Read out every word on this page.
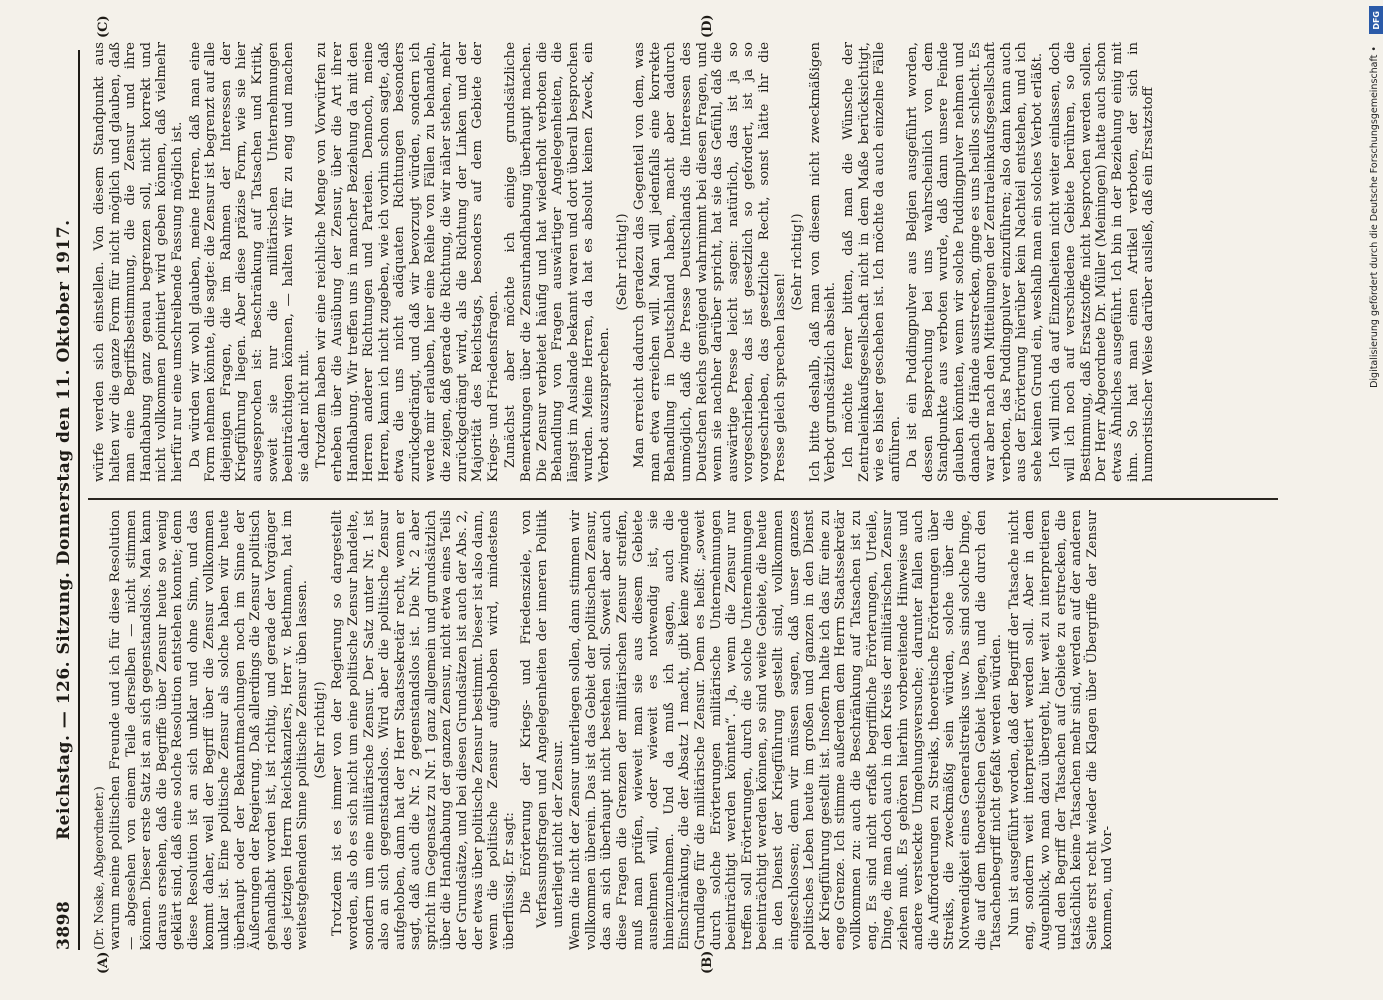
3898
Reichstag. — 126. Sitzung. Donnerstag den 11. Oktober 1917.
(A)	(B)
(C)	(D)

(Dr. Noske, Abgeordneter.) warum meine politischen Freunde und ich für diese Resolution — abgesehen von einem Teile derselben — nicht stimmen können. Dieser erste Satz ist an sich gegenstandslos. Man kann daraus ersehen, daß die Begriffe über Zensur heute so wenig geklärt sind, daß eine solche Resolution entstehen konnte; denn diese Resolution ist an sich unklar und ohne Sinn, und das kommt daher, weil der Begriff über die Zensur vollkommen unklar ist. Eine politische Zensur als solche haben wir heute überhaupt oder der Bekanntmachungen noch im Sinne der Äußerungen der Regierung. Daß allerdings die Zensur politisch gehandhabt worden ist, ist richtig, und gerade der Vorgänger des jetzigen Herrn Reichskanzlers, Herr v. Bethmann, hat im weitestgehenden Sinne politische Zensur üben lassen. (Sehr richtig!) Trotzdem ist es immer von der Regierung so dargestellt worden, als ob es sich nicht um eine politische Zensur handelte, sondern um eine militärische Zensur. Der Satz unter Nr. 1 ist also an sich gegenstandslos. Wird aber die politische Zensur aufgehoben, dann hat der Herr Staatssekretär recht, wenn er sagt, daß auch die Nr. 2 gegenstandslos ist. Die Nr. 2 aber spricht im Gegensatz zu Nr. 1 ganz allgemein und grundsätzlich über die Handhabung der ganzen Zensur, nicht etwa eines Teils der Grundsätze, und bei diesen Grundsätzen ist auch der Abs. 2, der etwas über politische Zensur bestimmt. Dieser ist also dann, wenn die politische Zensur aufgehoben wird, mindestens überflüssig. Er sagt: Die Erörterung der Kriegs- und Friedensziele, von Verfassungsfragen und Angelegenheiten der inneren Politik unterliegt nicht der Zensur. Wenn die nicht der Zensur unterliegen sollen, dann stimmen wir vollkommen überein. Das ist das Gebiet der politischen Zensur, das an sich überhaupt nicht bestehen soll. Soweit aber auch diese Fragen die Grenzen der militärischen Zensur streifen, muß man prüfen, wieweit man sie aus diesem Gebiete ausnehmen will, oder wieweit es notwendig ist, sie hineinzunehmen. Und da muß ich sagen, auch die Einschränkung, die der Absatz 1 macht, gibt keine zwingende Grundlage für die militärische Zensur. Denn es heißt: „soweit durch solche Erörterungen militärische Unternehmungen beeinträchtigt werden könnten“. Ja, wenn die Zensur nur treffen soll Erörterungen, durch die solche Unternehmungen beeinträchtigt werden können, so sind weite Gebiete, die heute in den Dienst der Kriegführung gestellt sind, vollkommen eingeschlossen; denn wir müssen sagen, daß unser ganzes politisches Leben heute im großen und ganzen in den Dienst der Kriegführung gestellt ist. Insofern halte ich das für eine zu enge Grenze. Ich stimme außerdem dem Herrn Staatssekretär vollkommen zu: auch die Beschränkung auf Tatsachen ist zu eng. Es sind nicht erfaßt begriffliche Erörterungen, Urteile, Dinge, die man doch auch in den Kreis der militärischen Zensur ziehen muß. Es gehören hierhin vorbereitende Hinweise und andere versteckte Umgehungsversuche; darunter fallen auch die Aufforderungen zu Streiks, theoretische Erörterungen über Streiks, die zweckmäßig sein würden, solche über die Notwendigkeit eines Generalstreiks usw. Das sind solche Dinge, die auf dem theoretischen Gebiet liegen, und die durch den Tatsachenbegriff nicht gefaßt werden würden. Nun ist ausgeführt worden, daß der Begriff der Tatsache nicht eng, sondern weit interpretiert werden soll. Aber in dem Augenblick, wo man dazu übergeht, hier weit zu interpretieren und den Begriff der Tatsachen auf Gebiete zu erstrecken, die tatsächlich keine Tatsachen mehr sind, werden auf der anderen Seite erst recht wieder die Klagen über Übergriffe der Zensur kommen, und Vor-

würfe werden sich einstellen. Von diesem Standpunkt aus halten wir die ganze Form für nicht möglich und glauben, daß man eine Begriffsbestimmung, die die Zensur und ihre Handhabung ganz genau begrenzen soll, nicht korrekt und nicht vollkommen pointiert wird geben können, daß vielmehr hierfür nur eine umschreibende Fassung möglich ist. Da würden wir wohl glauben, meine Herren, daß man eine Form nehmen könnte, die sagte: die Zensur ist begrenzt auf alle diejenigen Fragen, die im Rahmen der Interessen der Kriegführung liegen. Aber diese präzise Form, wie sie hier ausgesprochen ist: Beschränkung auf Tatsachen und Kritik, soweit sie nur die militärischen Unternehmungen beeinträchtigen können, — halten wir für zu eng und machen sie daher nicht mit. Trotzdem haben wir eine reichliche Menge von Vorwürfen zu erheben über die Ausübung der Zensur, über die Art ihrer Handhabung. Wir treffen uns in mancher Beziehung da mit den Herren anderer Richtungen und Parteien. Dennoch, meine Herren, kann ich nicht zugeben, wie ich vorhin schon sagte, daß etwa die uns nicht adäquaten Richtungen besonders zurückgedrängt, und daß wir bevorzugt würden, sondern ich werde mir erlauben, hier eine Reihe von Fällen zu behandeln, die zeigen, daß gerade die Richtung, die wir näher stehen, mehr zurückgedrängt wird, als die Richtung der Linken und der Majorität des Reichstags, besonders auf dem Gebiete der Kriegs- und Friedensfragen. Zunächst aber möchte ich einige grundsätzliche Bemerkungen über die Zensurhandhabung überhaupt machen. Die Zensur verbietet häufig und hat wiederholt verboten die Behandlung von Fragen auswärtiger Angelegenheiten, die längst im Auslande bekannt waren und dort überall besprochen wurden. Meine Herren, da hat es absolut keinen Zweck, ein Verbot auszusprechen.

(Sehr richtig!) Man erreicht dadurch geradezu das Gegenteil von dem, was man etwa erreichen will. Man will jedenfalls eine korrekte Behandlung in Deutschland haben, macht aber dadurch unmöglich, daß die Presse Deutschlands die Interessen des Deutschen Reichs genügend wahrnimmt bei diesen Fragen, und wenn sie nachher darüber spricht, hat sie das Gefühl, daß die auswärtige Presse leicht sagen: natürlich, das ist ja so vorgeschrieben, das ist gesetzlich so gefordert, ist ja so vorgeschrieben, das gesetzliche Recht, sonst hätte ihr die Presse gleich sprechen lassen!

(Sehr richtig!) Ich bitte deshalb, daß man von diesem nicht zweckmäßigen Verbot grundsätzlich absieht. Ich möchte ferner bitten, daß man die Wünsche der Zentraleinkaufsgesellschaft nicht in dem Maße berücksichtigt, wie es bisher geschehen ist. Ich möchte da auch einzelne Fälle anführen. Da ist ein Puddingpulver aus Belgien ausgeführt worden, dessen Besprechung bei uns wahrscheinlich von dem Standpunkte aus verboten wurde, daß dann unsere Feinde glauben könnten, wenn wir solche Puddingpulver nehmen und danach die Hände ausstrecken, ginge es uns heillos schlecht. Es war aber nach den Mitteilungen der Zentraleinkaufsgesellschaft verboten, das Puddingpulver einzuführen; also dann kann auch aus der Erörterung hierüber kein Nachteil entstehen, und ich sehe keinen Grund ein, weshalb man ein solches Verbot erläßt. Ich will mich da auf Einzelheiten nicht weiter einlassen, doch will ich noch auf verschiedene Gebiete berühren, so die Bestimmung, daß Ersatzstoffe nicht besprochen werden sollen. Der Herr Abgeordnete Dr. Müller (Meiningen) hatte auch schon etwas Ähnliches ausgeführt. Ich bin in der Beziehung einig mit ihm. So hat man einen Artikel verboten, der sich in humoristischer Weise darüber ausließ, daß ein Ersatzstoff

DFG
Digitalisierung gefördert durch die Deutsche Forschungsgemeinschaft •
